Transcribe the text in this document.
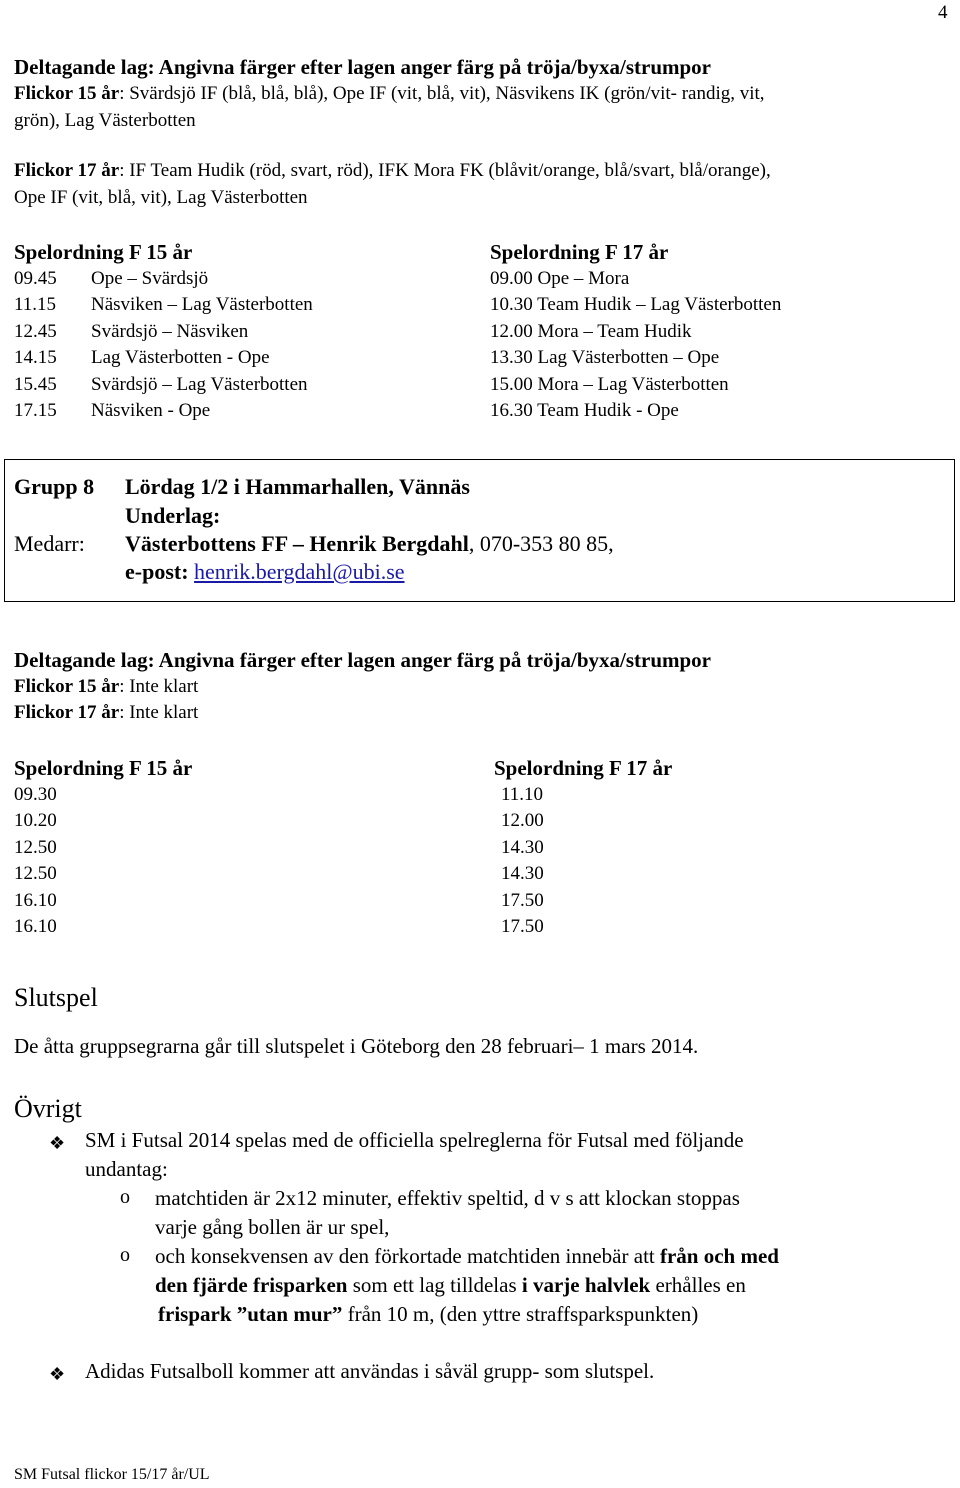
4
Deltagande lag: Angivna färger efter lagen anger färg på tröja/byxa/strumpor
Flickor 15 år: Svärdsjö IF (blå, blå, blå), Ope IF (vit, blå, vit), Näsvikens IK (grön/vit- randig, vit,
grön), Lag Västerbotten
Flickor 17 år: IF Team Hudik (röd, svart, röd), IFK Mora FK (blåvit/orange, blå/svart, blå/orange),
Ope IF (vit, blå, vit), Lag Västerbotten
Spelordning F 15 år	Spelordning F 17 år
09.45 Ope – Svärdsjö
11.15 Näsviken – Lag Västerbotten
12.45 Svärdsjö – Näsviken
14.15 Lag Västerbotten - Ope
15.45 Svärdsjö – Lag Västerbotten
17.15 Näsviken - Ope
09.00 Ope – Mora
10.30 Team Hudik – Lag Västerbotten
12.00 Mora – Team Hudik
13.30 Lag Västerbotten – Ope
15.00 Mora – Lag Västerbotten
16.30 Team Hudik - Ope
Grupp 8 Lördag 1/2 i Hammarhallen, Vännäs
Underlag:
Medarr: Västerbottens FF – Henrik Bergdahl, 070-353 80 85,
e-post: henrik.bergdahl@ubi.se
Deltagande lag: Angivna färger efter lagen anger färg på tröja/byxa/strumpor
Flickor 15 år: Inte klart
Flickor 17 år: Inte klart
Spelordning F 15 år	Spelordning F 17 år
09.30
10.20
12.50
12.50
16.10
16.10
11.10
12.00
14.30
14.30
17.50
17.50
Slutspel
De åtta gruppsegrarna går till slutspelet i Göteborg den 28 februari– 1 mars 2014.
Övrigt
❖ SM i Futsal 2014 spelas med de officiella spelreglerna för Futsal med följande
undantag:
o matchtiden är 2x12 minuter, effektiv speltid, d v s att klockan stoppas
varje gång bollen är ur spel,
o och konsekvensen av den förkortade matchtiden innebär att från och med
den fjärde frisparken som ett lag tilldelas i varje halvlek erhålles en
frispark ”utan mur” från 10 m, (den yttre straffsparkspunkten)
❖ Adidas Futsalboll kommer att användas i såväl grupp- som slutspel.
SM Futsal flickor 15/17 år/UL
